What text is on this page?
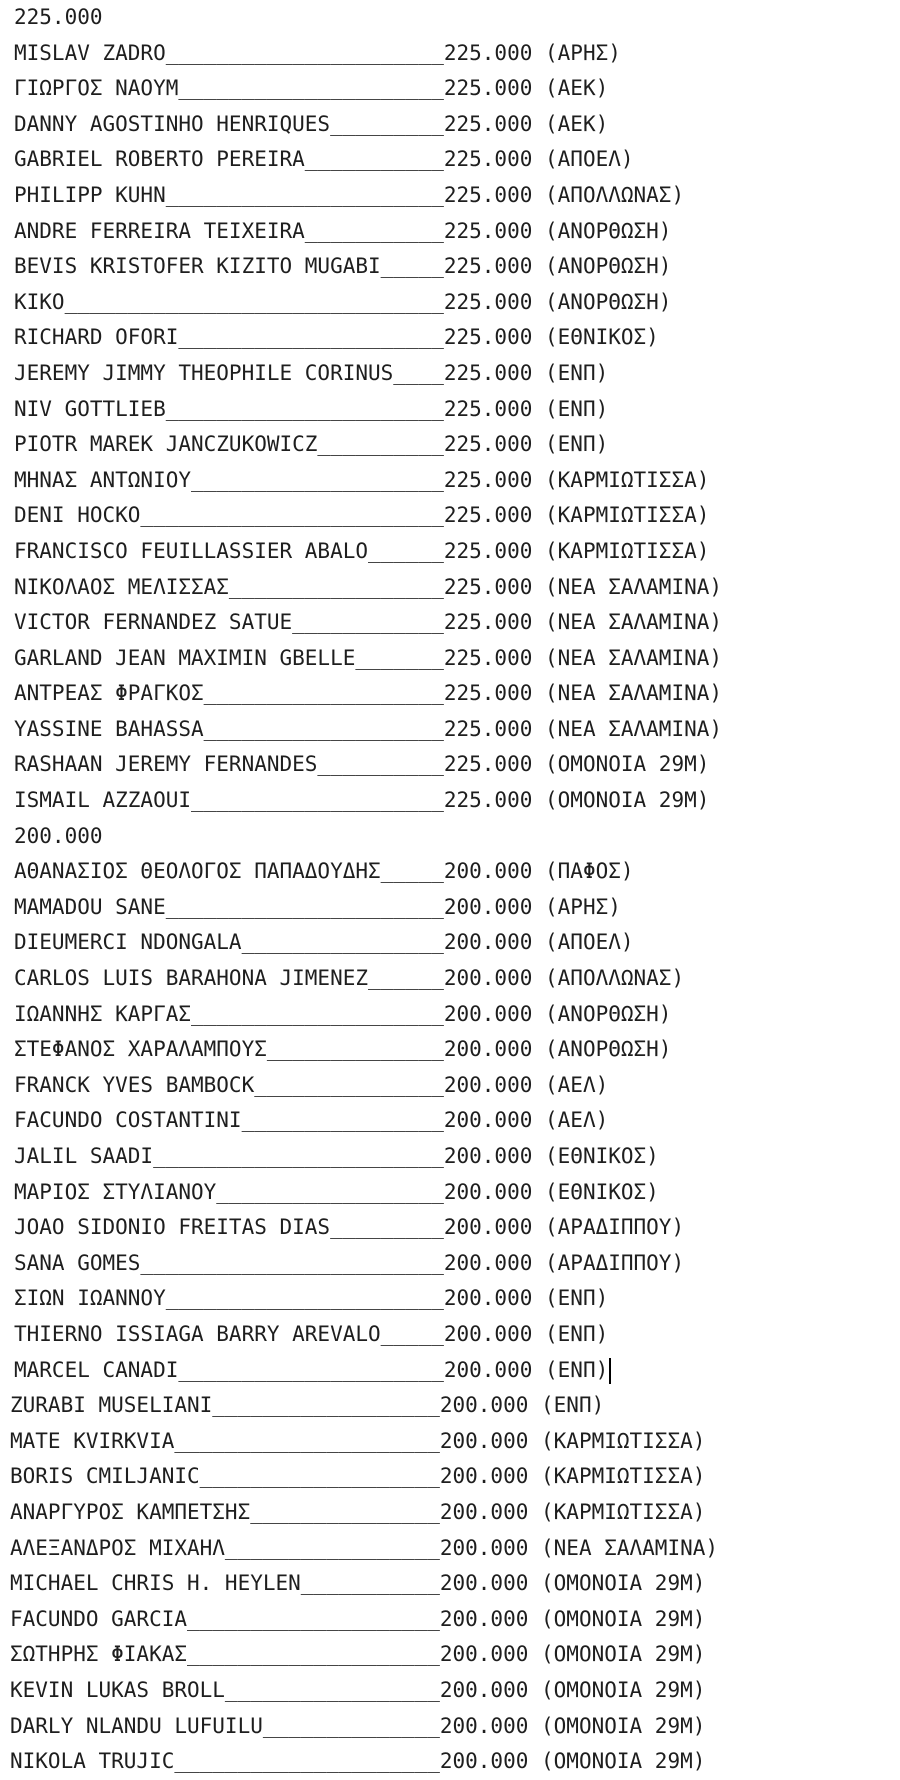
225.000
MISLAV ZADRO______________________225.000 (ΑΡΗΣ)
ΓΙΩΡΓΟΣ ΝΑΟΥΜ_____________________225.000 (ΑΕΚ)
DANNY AGOSTINHO HENRIQUES_________225.000 (ΑΕΚ)
GABRIEL ROBERTO PEREIRA___________225.000 (ΑΠΟΕΛ)
PHILIPP KUHN______________________225.000 (ΑΠΟΛΛΩΝΑΣ)
ANDRE FERREIRA TEIXEIRA___________225.000 (ΑΝΟΡΘΩΣΗ)
BEVIS KRISTOFER KIZITO MUGABI_____225.000 (ΑΝΟΡΘΩΣΗ)
KIKO______________________________225.000 (ΑΝΟΡΘΩΣΗ)
RICHARD OFORI_____________________225.000 (ΕΘΝΙΚΟΣ)
JEREMY JIMMY THEOPHILE CORINUS____225.000 (ΕΝΠ)
NIV GOTTLIEB______________________225.000 (ΕΝΠ)
PIOTR MAREK JANCZUKOWICZ__________225.000 (ΕΝΠ)
ΜΗΝΑΣ ΑΝΤΩΝΙΟΥ____________________225.000 (ΚΑΡΜΙΩΤΙΣΣΑ)
DENI HOCKO________________________225.000 (ΚΑΡΜΙΩΤΙΣΣΑ)
FRANCISCO FEUILLASSIER ABALO______225.000 (ΚΑΡΜΙΩΤΙΣΣΑ)
ΝΙΚΟΛΑΟΣ ΜΕΛΙΣΣΑΣ_________________225.000 (ΝΕΑ ΣΑΛΑΜΙΝΑ)
VICTOR FERNANDEZ SATUE____________225.000 (ΝΕΑ ΣΑΛΑΜΙΝΑ)
GARLAND JEAN MAXIMIN GBELLE_______225.000 (ΝΕΑ ΣΑΛΑΜΙΝΑ)
ΑΝΤΡΕΑΣ ΦΡΑΓΚΟΣ___________________225.000 (ΝΕΑ ΣΑΛΑΜΙΝΑ)
YASSINE BAHASSA___________________225.000 (ΝΕΑ ΣΑΛΑΜΙΝΑ)
RASHAAN JEREMY FERNANDES__________225.000 (ΟΜΟΝΟΙΑ 29Μ)
ISMAIL AZZAOUI____________________225.000 (ΟΜΟΝΟΙΑ 29Μ)
200.000
ΑΘΑΝΑΣΙΟΣ ΘΕΟΛΟΓΟΣ ΠΑΠΑΔΟΥΔΗΣ_____200.000 (ΠΑΦΟΣ)
MAMADOU SANE______________________200.000 (ΑΡΗΣ)
DIEUMERCI NDONGALA________________200.000 (ΑΠΟΕΛ)
CARLOS LUIS BARAHONA JIMENEZ______200.000 (ΑΠΟΛΛΩΝΑΣ)
ΙΩΑΝΝΗΣ ΚΑΡΓΑΣ____________________200.000 (ΑΝΟΡΘΩΣΗ)
ΣΤΕΦΑΝΟΣ ΧΑΡΑΛΑΜΠΟΥΣ______________200.000 (ΑΝΟΡΘΩΣΗ)
FRANCK YVES BAMBOCK_______________200.000 (ΑΕΛ)
FACUNDO COSTANTINI________________200.000 (ΑΕΛ)
JALIL SAADI_______________________200.000 (ΕΘΝΙΚΟΣ)
ΜΑΡΙΟΣ ΣΤΥΛΙΑΝΟΥ__________________200.000 (ΕΘΝΙΚΟΣ)
JOAO SIDONIO FREITAS DIAS_________200.000 (ΑΡΑΔΙΠΠΟΥ)
SANA GOMES________________________200.000 (ΑΡΑΔΙΠΠΟΥ)
ΣΙΩΝ ΙΩΑΝΝΟΥ______________________200.000 (ΕΝΠ)
THIERNO ISSIAGA BARRY AREVALO_____200.000 (ΕΝΠ)
MARCEL CANADI_____________________200.000 (ΕΝΠ)
ZURABI MUSELIANI__________________200.000 (ΕΝΠ)
MATE KVIRKVIA_____________________200.000 (ΚΑΡΜΙΩΤΙΣΣΑ)
BORIS CMILJANIC___________________200.000 (ΚΑΡΜΙΩΤΙΣΣΑ)
ΑΝΑΡΓΥΡΟΣ ΚΑΜΠΕΤΣΗΣ_______________200.000 (ΚΑΡΜΙΩΤΙΣΣΑ)
ΑΛΕΞΑΝΔΡΟΣ ΜΙΧΑΗΛ_________________200.000 (ΝΕΑ ΣΑΛΑΜΙΝΑ)
MICHAEL CHRIS H. HEYLEN___________200.000 (ΟΜΟΝΟΙΑ 29Μ)
FACUNDO GARCIA____________________200.000 (ΟΜΟΝΟΙΑ 29Μ)
ΣΩΤΗΡΗΣ ΦΙΑΚΑΣ____________________200.000 (ΟΜΟΝΟΙΑ 29Μ)
KEVIN LUKAS BROLL_________________200.000 (ΟΜΟΝΟΙΑ 29Μ)
DARLY NLANDU LUFUILU______________200.000 (ΟΜΟΝΟΙΑ 29Μ)
NIKOLA TRUJIC_____________________200.000 (ΟΜΟΝΟΙΑ 29Μ)
